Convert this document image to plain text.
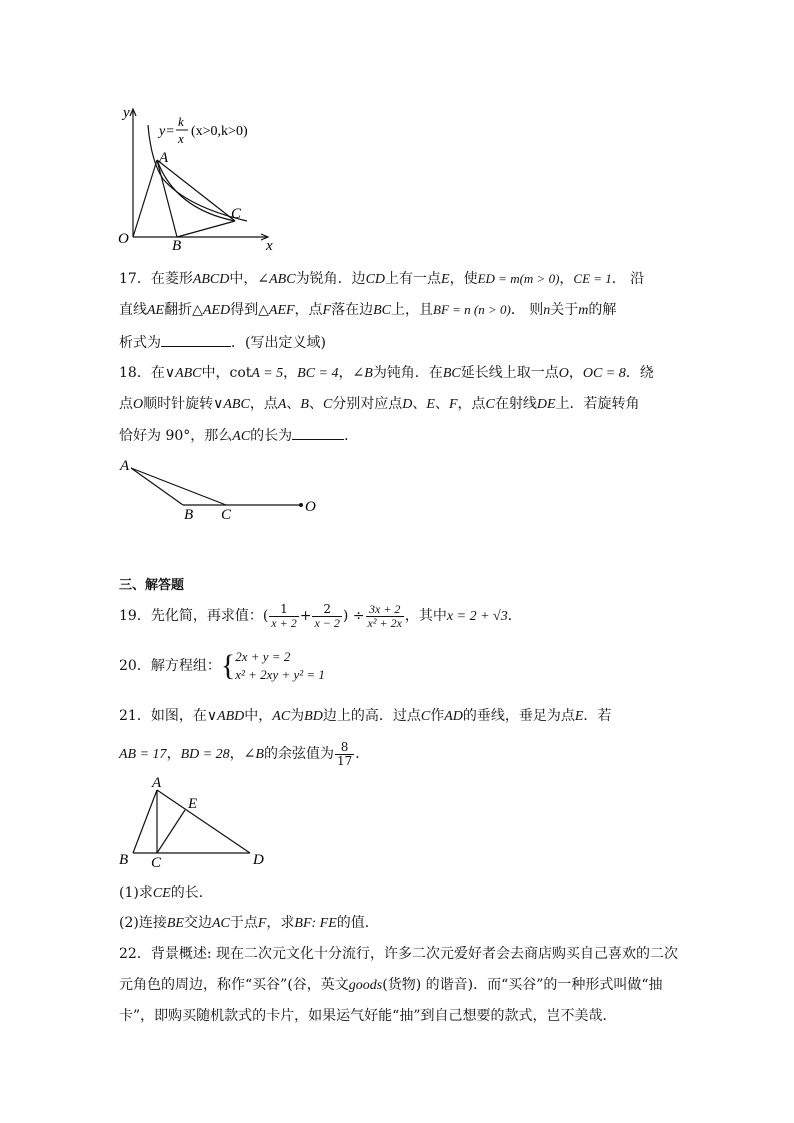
y
x
O
A
B
C
y=
k
x (x>0,k>0)
17．在菱形ABCD中，∠ABC为锐角．边CD上有一点E，使ED = m(m > 0)，CE = 1． 沿
直线AE翻折△AED得到△AEF，点F落在边BC上，且BF = n (n > 0)． 则n关于m的解
析式为	．(写出定义域)
18．在∨ABC中，cotA = 5，BC = 4，∠B为钝角．在BC延长线上取一点O，OC = 8．绕
点O顺时针旋转∨ABC，点A、B、C分别对应点D、E、F，点C在射线DE上．若旋转角
恰好为 90°，那么AC的长为	．
A
B C	O
三、解答题
19．先化简，再求值：( $\frac{1}{x + 2} + \frac{2}{x - 2}$ ) ÷ $\frac{3x + 2}{\text{x² + 2x}}$ ，其中x = 2 + √3．
20．解方程组：{ 2x + y = 2
x² + 2xy + y² = 1
21．如图，在∨ABD中，AC为BD边上的高．过点C作AD的垂线，垂足为点E．若
AB = 17，BD = 28，∠B的余弦值为 $\frac{8}{17}$ ．
A
B C	D
E
(1)求CE的长．
(2)连接BE交边AC于点F，求BF: FE的值．
22．背景概述: 现在二次元文化十分流行，许多二次元爱好者会去商店购买自己喜欢的二次
元角色的周边，称作“买谷”(谷，英文goods(货物) 的谐音)．而“买谷”的一种形式叫做“抽
卡”，即购买随机款式的卡片，如果运气好能“抽”到自己想要的款式，岂不美哉．
